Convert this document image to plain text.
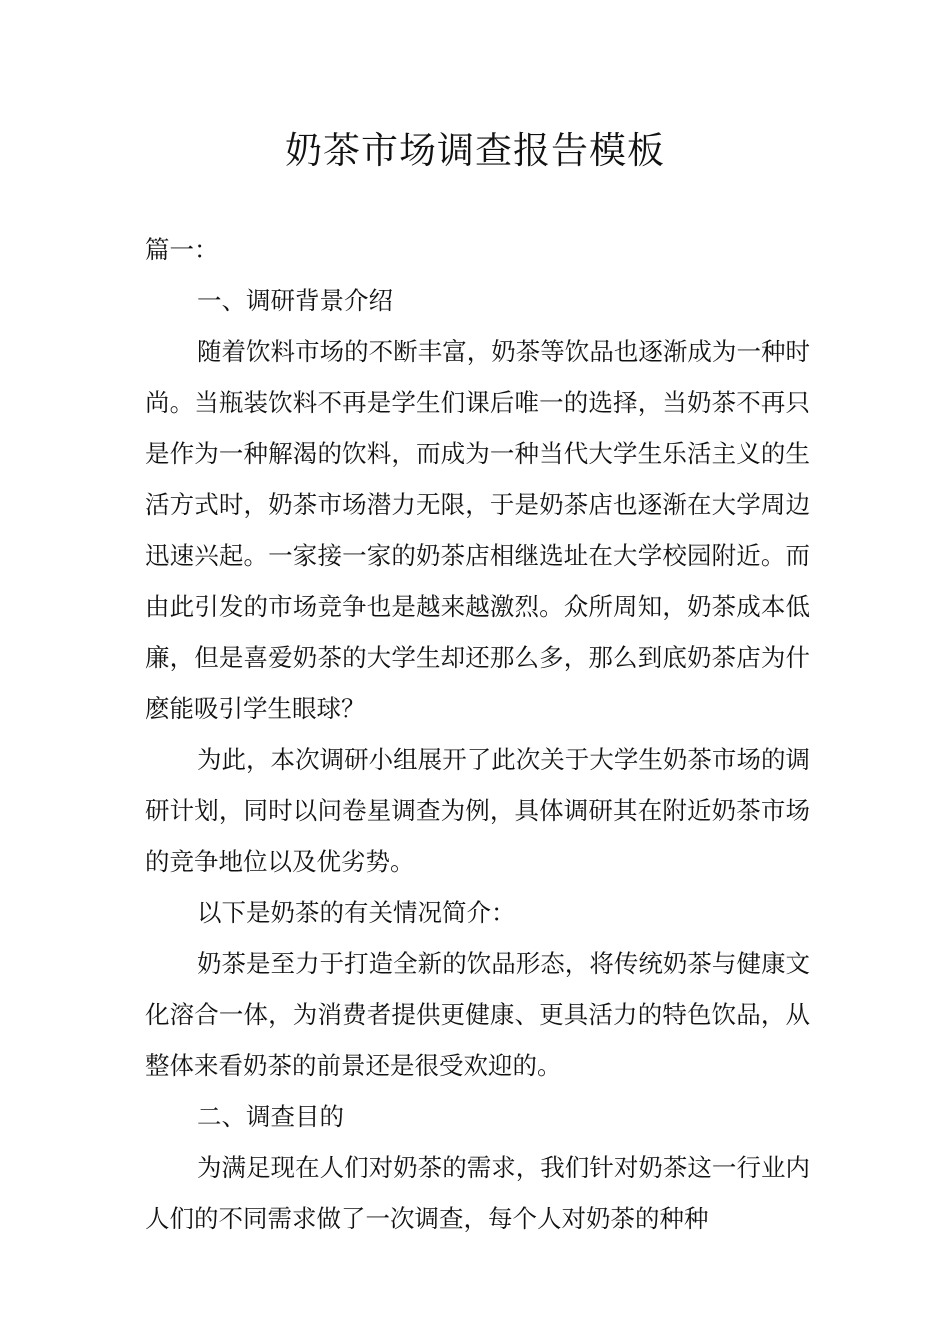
奶茶市场调查报告模板

篇一：

一、调研背景介绍

随着饮料市场的不断丰富，奶茶等饮品也逐渐成为一种时尚。当瓶装饮料不再是学生们课后唯一的选择，当奶茶不再只是作为一种解渴的饮料，而成为一种当代大学生乐活主义的生活方式时，奶茶市场潜力无限，于是奶茶店也逐渐在大学周边迅速兴起。一家接一家的奶茶店相继选址在大学校园附近。而由此引发的市场竞争也是越来越激烈。众所周知，奶茶成本低廉，但是喜爱奶茶的大学生却还那么多，那么到底奶茶店为什麽能吸引学生眼球？

为此，本次调研小组展开了此次关于大学生奶茶市场的调研计划，同时以问卷星调查为例，具体调研其在附近奶茶市场的竞争地位以及优劣势。

以下是奶茶的有关情况简介：

奶茶是至力于打造全新的饮品形态，将传统奶茶与健康文化溶合一体，为消费者提供更健康、更具活力的特色饮品，从整体来看奶茶的前景还是很受欢迎的。

二、调查目的

为满足现在人们对奶茶的需求，我们针对奶茶这一行业内人们的不同需求做了一次调查，每个人对奶茶的种种
